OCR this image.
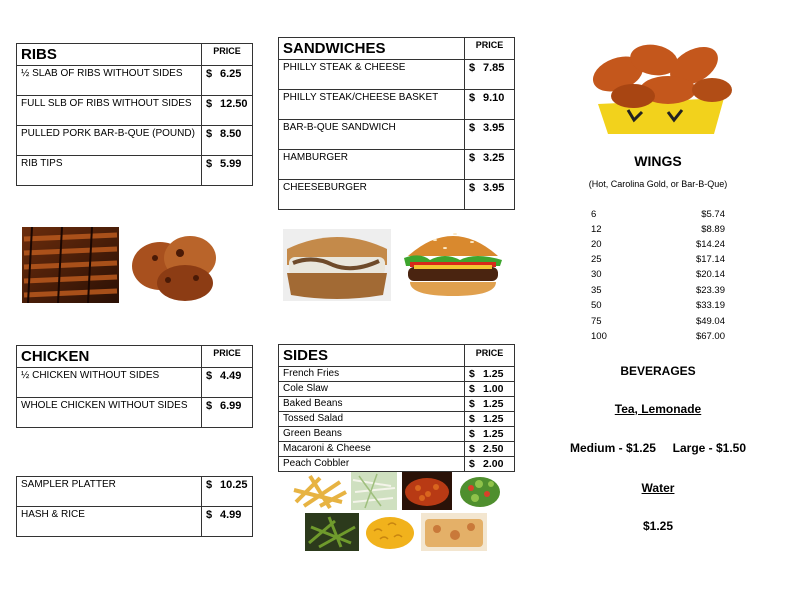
RIBS	PRICE
½ SLAB OF RIBS WITHOUT SIDES	$ 6.25
FULL SLB OF RIBS WITHOUT SIDES	$ 12.50
PULLED PORK BAR-B-QUE (POUND)	$ 8.50
RIB TIPS	$ 5.99
SANDWICHES	PRICE
PHILLY STEAK & CHEESE	$ 7.85
PHILLY STEAK/CHEESE BASKET	$ 9.10
BAR-B-QUE SANDWICH	$ 3.95
HAMBURGER	$ 3.25
CHEESEBURGER	$ 3.95
WINGS
(Hot, Carolina Gold, or Bar-B-Que)
6	$5.74
12	$8.89
20	$14.24
25	$17.14
30	$20.14
35	$23.39
50	$33.19
75	$49.04
100	$67.00
CHICKEN	PRICE
½ CHICKEN WITHOUT SIDES	$ 4.49
WHOLE CHICKEN WITHOUT SIDES	$ 6.99
SIDES	PRICE
French Fries	$ 1.25
Cole Slaw	$ 1.00
Baked Beans	$ 1.25
Tossed Salad	$ 1.25
Green Beans	$ 1.25
Macaroni & Cheese	$ 2.50
Peach Cobbler	$ 2.00
SAMPLER PLATTER	$ 10.25
HASH & RICE	$ 4.99
BEVERAGES
Tea, Lemonade
Medium - $1.25     Large - $1.50
Water
$1.25
